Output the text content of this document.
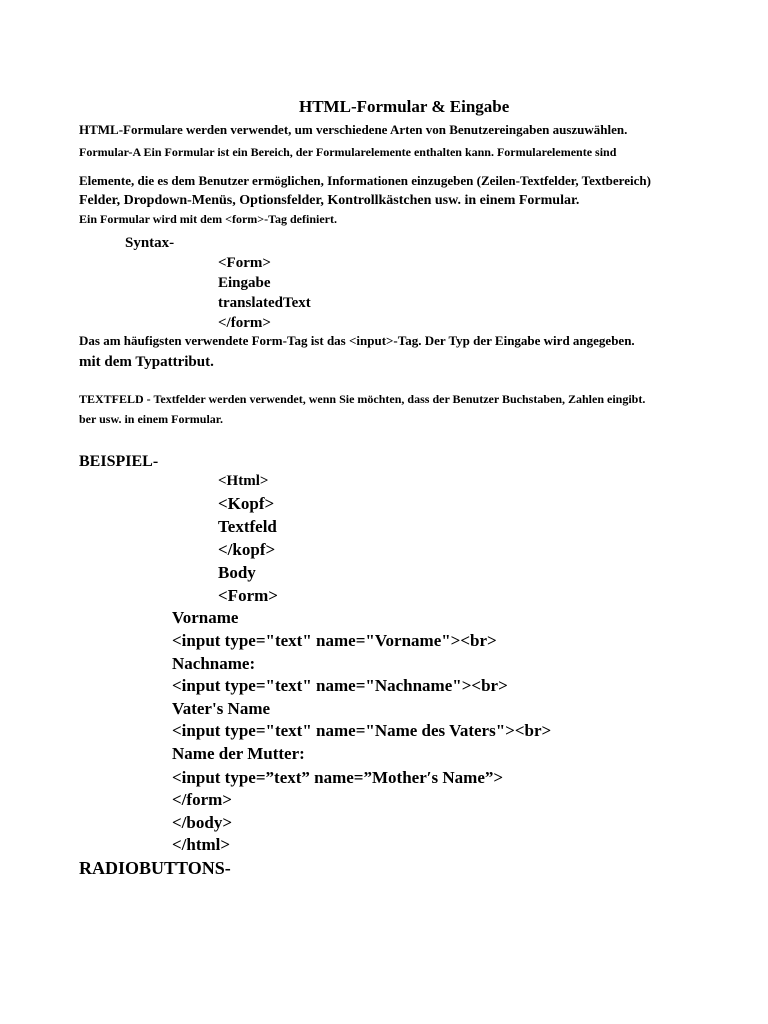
HTML-Formular & Eingabe
HTML-Formulare werden verwendet, um verschiedene Arten von Benutzereingaben auszuwählen.
Formular-A Ein Formular ist ein Bereich, der Formularelemente enthalten kann. Formularelemente sind
Elemente, die es dem Benutzer ermöglichen, Informationen einzugeben (Zeilen-Textfelder, Textbereich)
Felder, Dropdown-Menüs, Optionsfelder, Kontrollkästchen usw. in einem Formular.
Ein Formular wird mit dem <form>-Tag definiert.
Syntax-
<Form>
Eingabe
translatedText
</form>
Das am häufigsten verwendete Form-Tag ist das <input>-Tag. Der Typ der Eingabe wird angegeben.
mit dem Typattribut.
TEXTFELD - Textfelder werden verwendet, wenn Sie möchten, dass der Benutzer Buchstaben, Zahlen eingibt.
ber usw. in einem Formular.
BEISPIEL-
<Html>
<Kopf>
Textfeld
</kopf>
Body
<Form>
Vorname
<input type="text" name="Vorname"><br>
Nachname:
<input type="text" name="Nachname"><br>
Vater's Name
<input type="text" name="Name des Vaters"><br>
Name der Mutter:
<input type=”text” name=”Mother′s Name”>
</form>
</body>
</html>
RADIOBUTTONS-
